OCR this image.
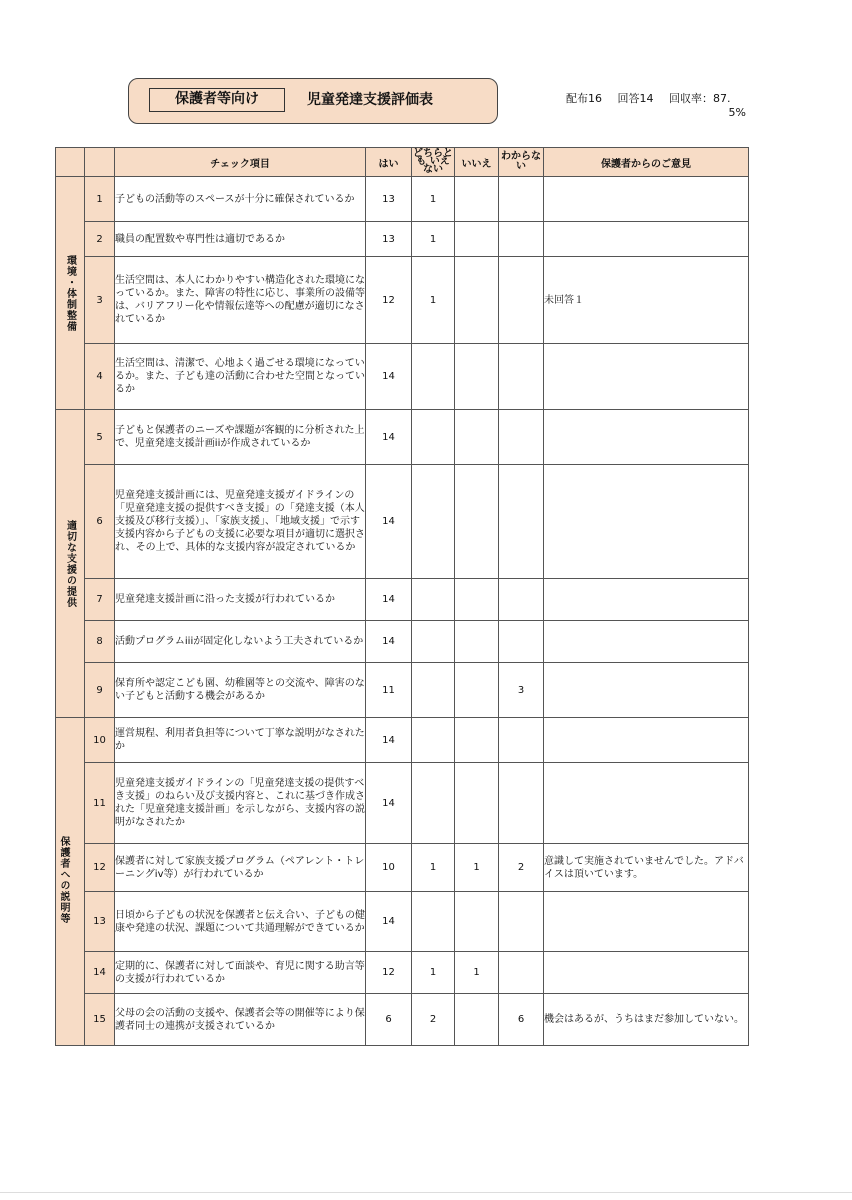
保護者等向け	児童発達支援評価表	配布16 回答14 回収率：87.
5%
		チェック項目	はい	どちらとも いえない	いいえ	わからな い	保護者からのご意見
環境・体制整備	1	子どもの活動等のスペースが十分に確保されているか	13	1			
	2	職員の配置数や専門性は適切であるか	13	1			
	3	生活空間は、本人にわかりやすい構造化された環境になっているか。また、障害の特性に応じ、事業所の設備等は、バリアフリー化や情報伝達等への配慮が適切になされているか	12	1			未回答１
	4	生活空間は、清潔で、心地よく過ごせる環境になっているか。また、子ども達の活動に合わせた空間となっているか	14				
適切な支援の提供	5	子どもと保護者のニーズや課題が客観的に分析された上で、児童発達支援計画iiが作成されているか	14				
	6	児童発達支援計画には、児童発達支援ガイドラインの「児童発達支援の提供すべき支援」の「発達支援（本人支援及び移行支援）」、「家族支援」、「地域支援」で示す支援内容から子どもの支援に必要な項目が適切に選択され、その上で、具体的な支援内容が設定されているか	14				
	7	児童発達支援計画に沿った支援が行われているか	14				
	8	活動プログラムiiiが固定化しないよう工夫されているか	14				
	9	保育所や認定こども園、幼稚園等との交流や、障害のない子どもと活動する機会があるか	11			3	
保護者への説明等	10	運営規程、利用者負担等について丁寧な説明がなされたか	14				
	11	児童発達支援ガイドラインの「児童発達支援の提供すべき支援」のねらい及び支援内容と、これに基づき作成された「児童発達支援計画」を示しながら、支援内容の説明がなされたか	14				
	12	保護者に対して家族支援プログラム（ペアレント・トレーニングiv等）が行われているか	10	1	1	2	意識して実施されていませんでした。アドバイスは頂いています。
	13	日頃から子どもの状況を保護者と伝え合い、子どもの健康や発達の状況、課題について共通理解ができているか	14				
	14	定期的に、保護者に対して面談や、育児に関する助言等の支援が行われているか	12	1	1		
	15	父母の会の活動の支援や、保護者会等の開催等により保護者同士の連携が支援されているか	6	2		6	機会はあるが、うちはまだ参加していない。
